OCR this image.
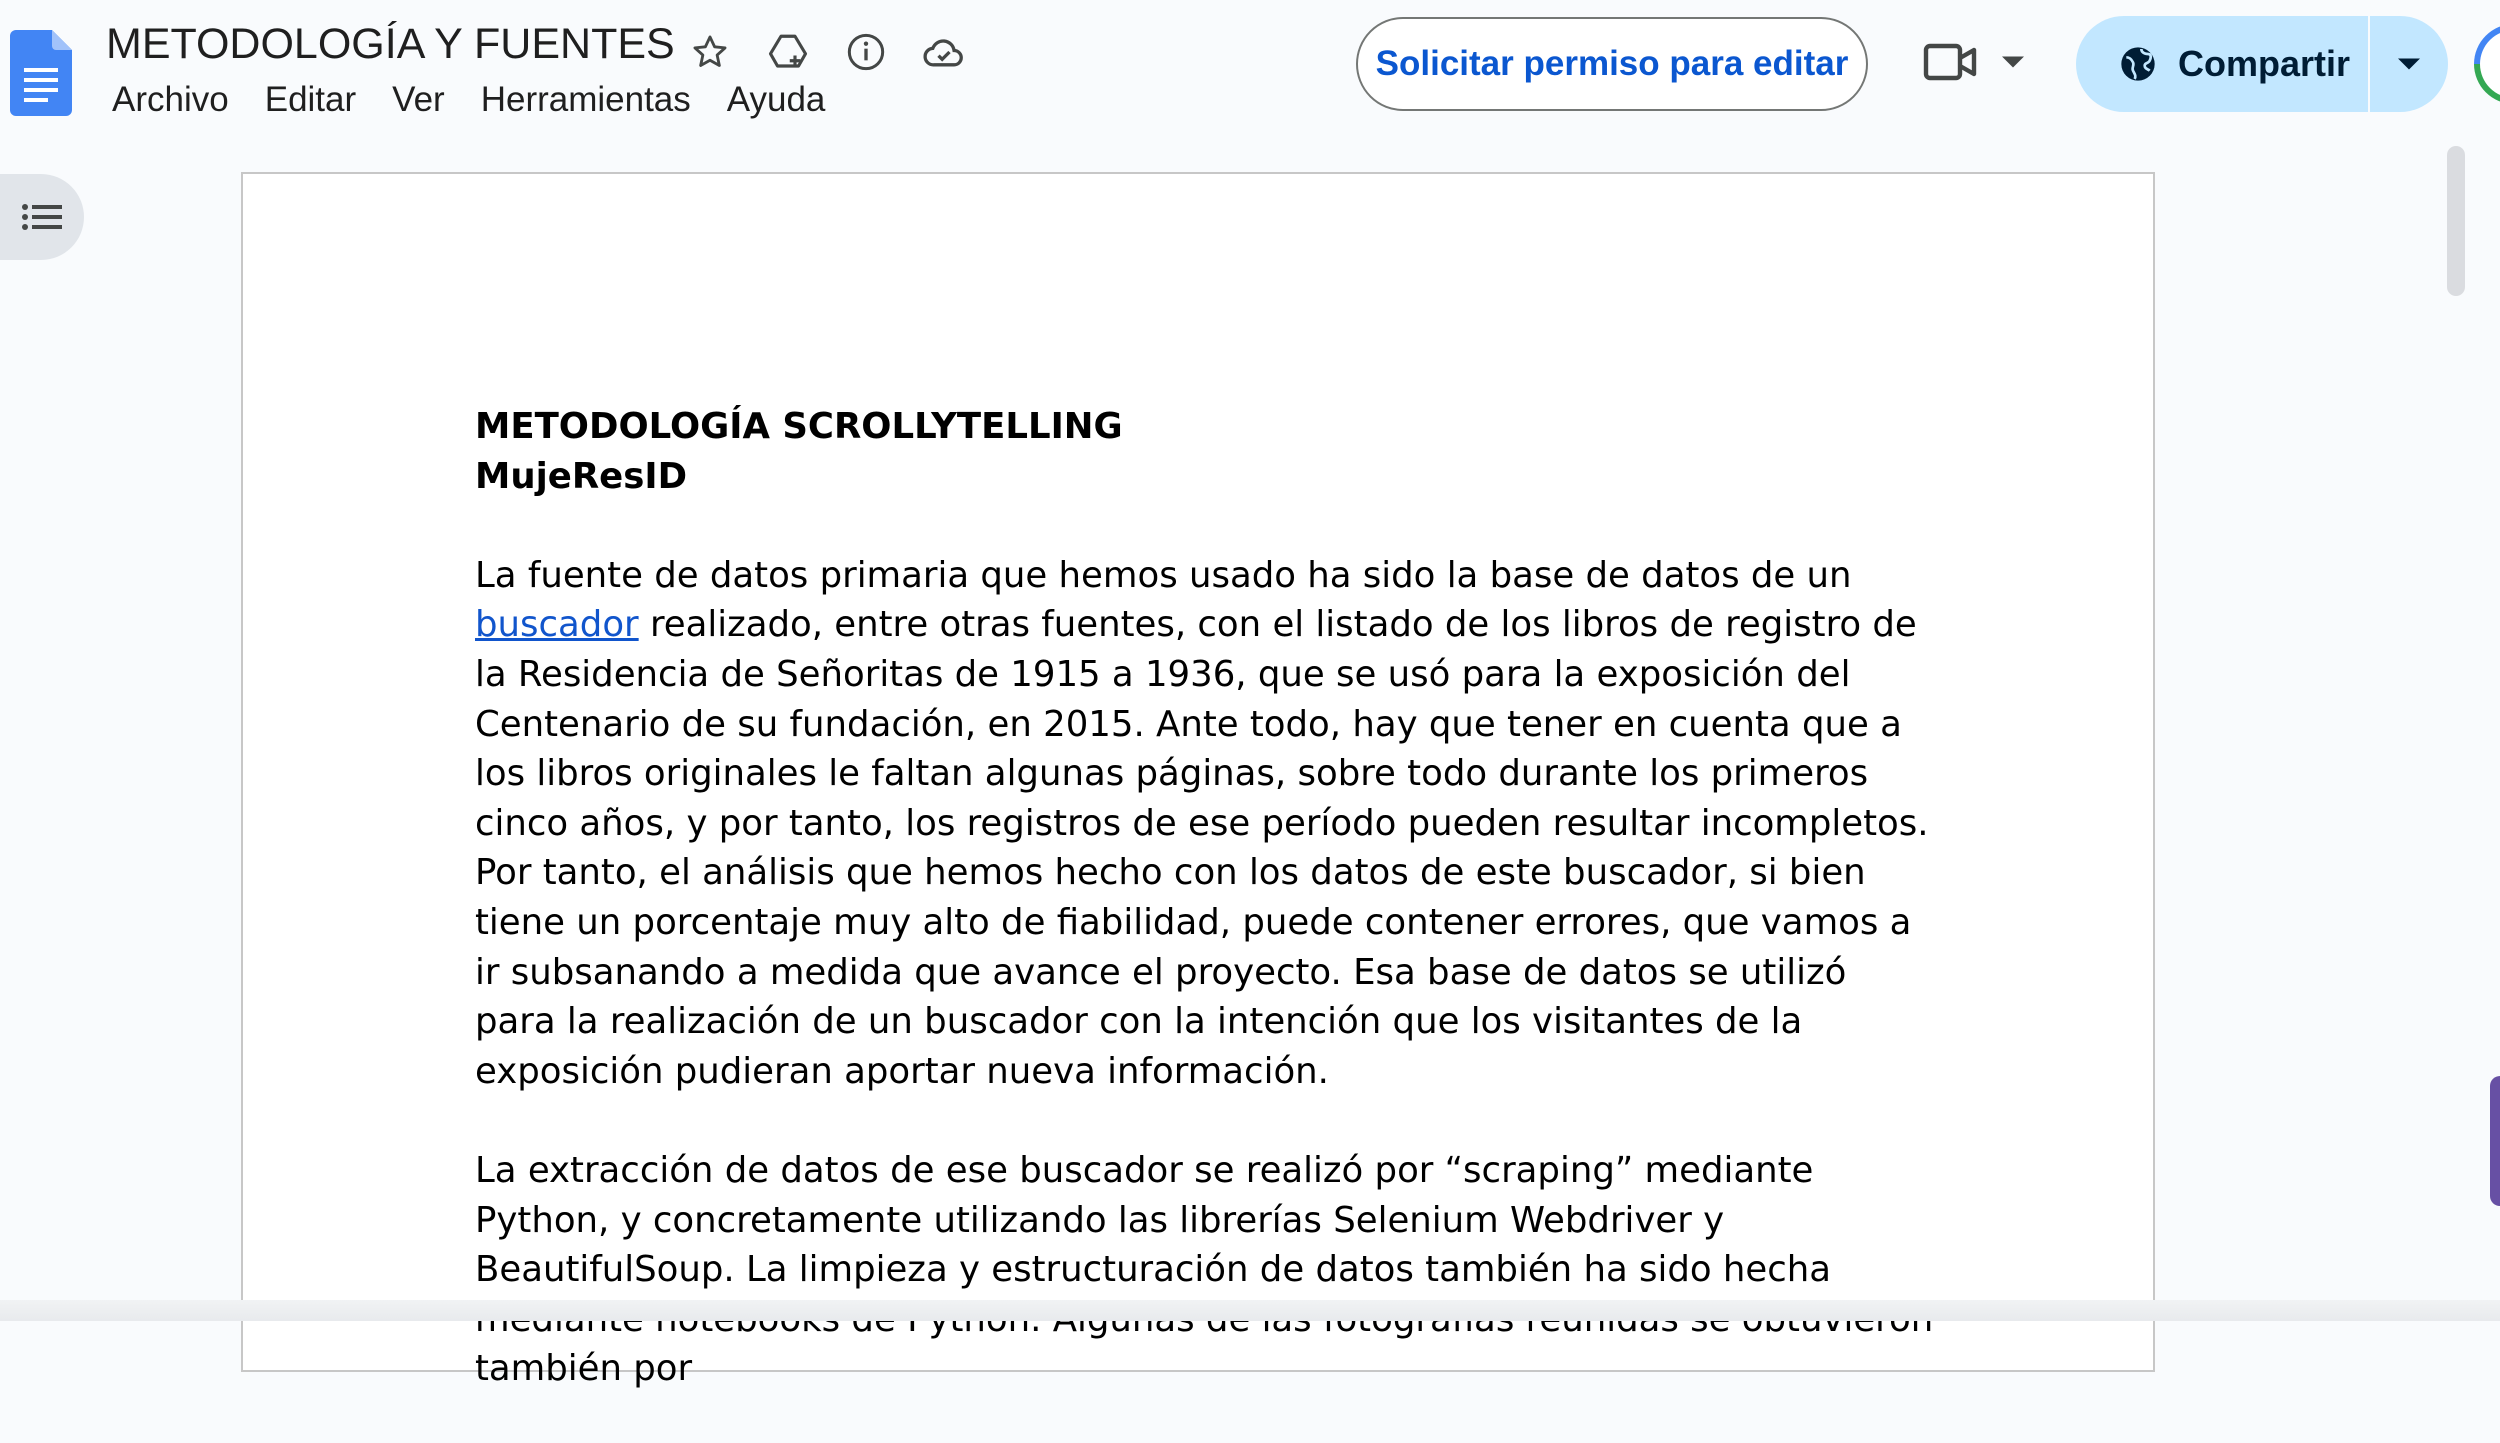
METODOLOGÍA Y FUENTES
Archivo	Editar	Ver	Herramientas	Ayuda
Solicitar permiso para editar	Compartir
METODOLOGÍA SCROLLYTELLING
MujeResID

La fuente de datos primaria que hemos usado ha sido la base de datos de un buscador realizado, entre otras fuentes, con el listado de los libros de registro de la Residencia de Señoritas de 1915 a 1936, que se usó para la exposición del Centenario de su fundación, en 2015. Ante todo, hay que tener en cuenta que a los libros originales le faltan algunas páginas, sobre todo durante los primeros cinco años, y por tanto, los registros de ese período pueden resultar incompletos. Por tanto, el análisis que hemos hecho con los datos de este buscador, si bien tiene un porcentaje muy alto de fiabilidad, puede contener errores, que vamos a ir subsanando a medida que avance el proyecto. Esa base de datos se utilizó para la realización de un buscador con la intención que los visitantes de la exposición pudieran aportar nueva información.

La extracción de datos de ese buscador se realizó por “scraping” mediante Python, y concretamente utilizando las librerías Selenium Webdriver y BeautifulSoup. La limpieza y estructuración de datos también ha sido hecha también por
